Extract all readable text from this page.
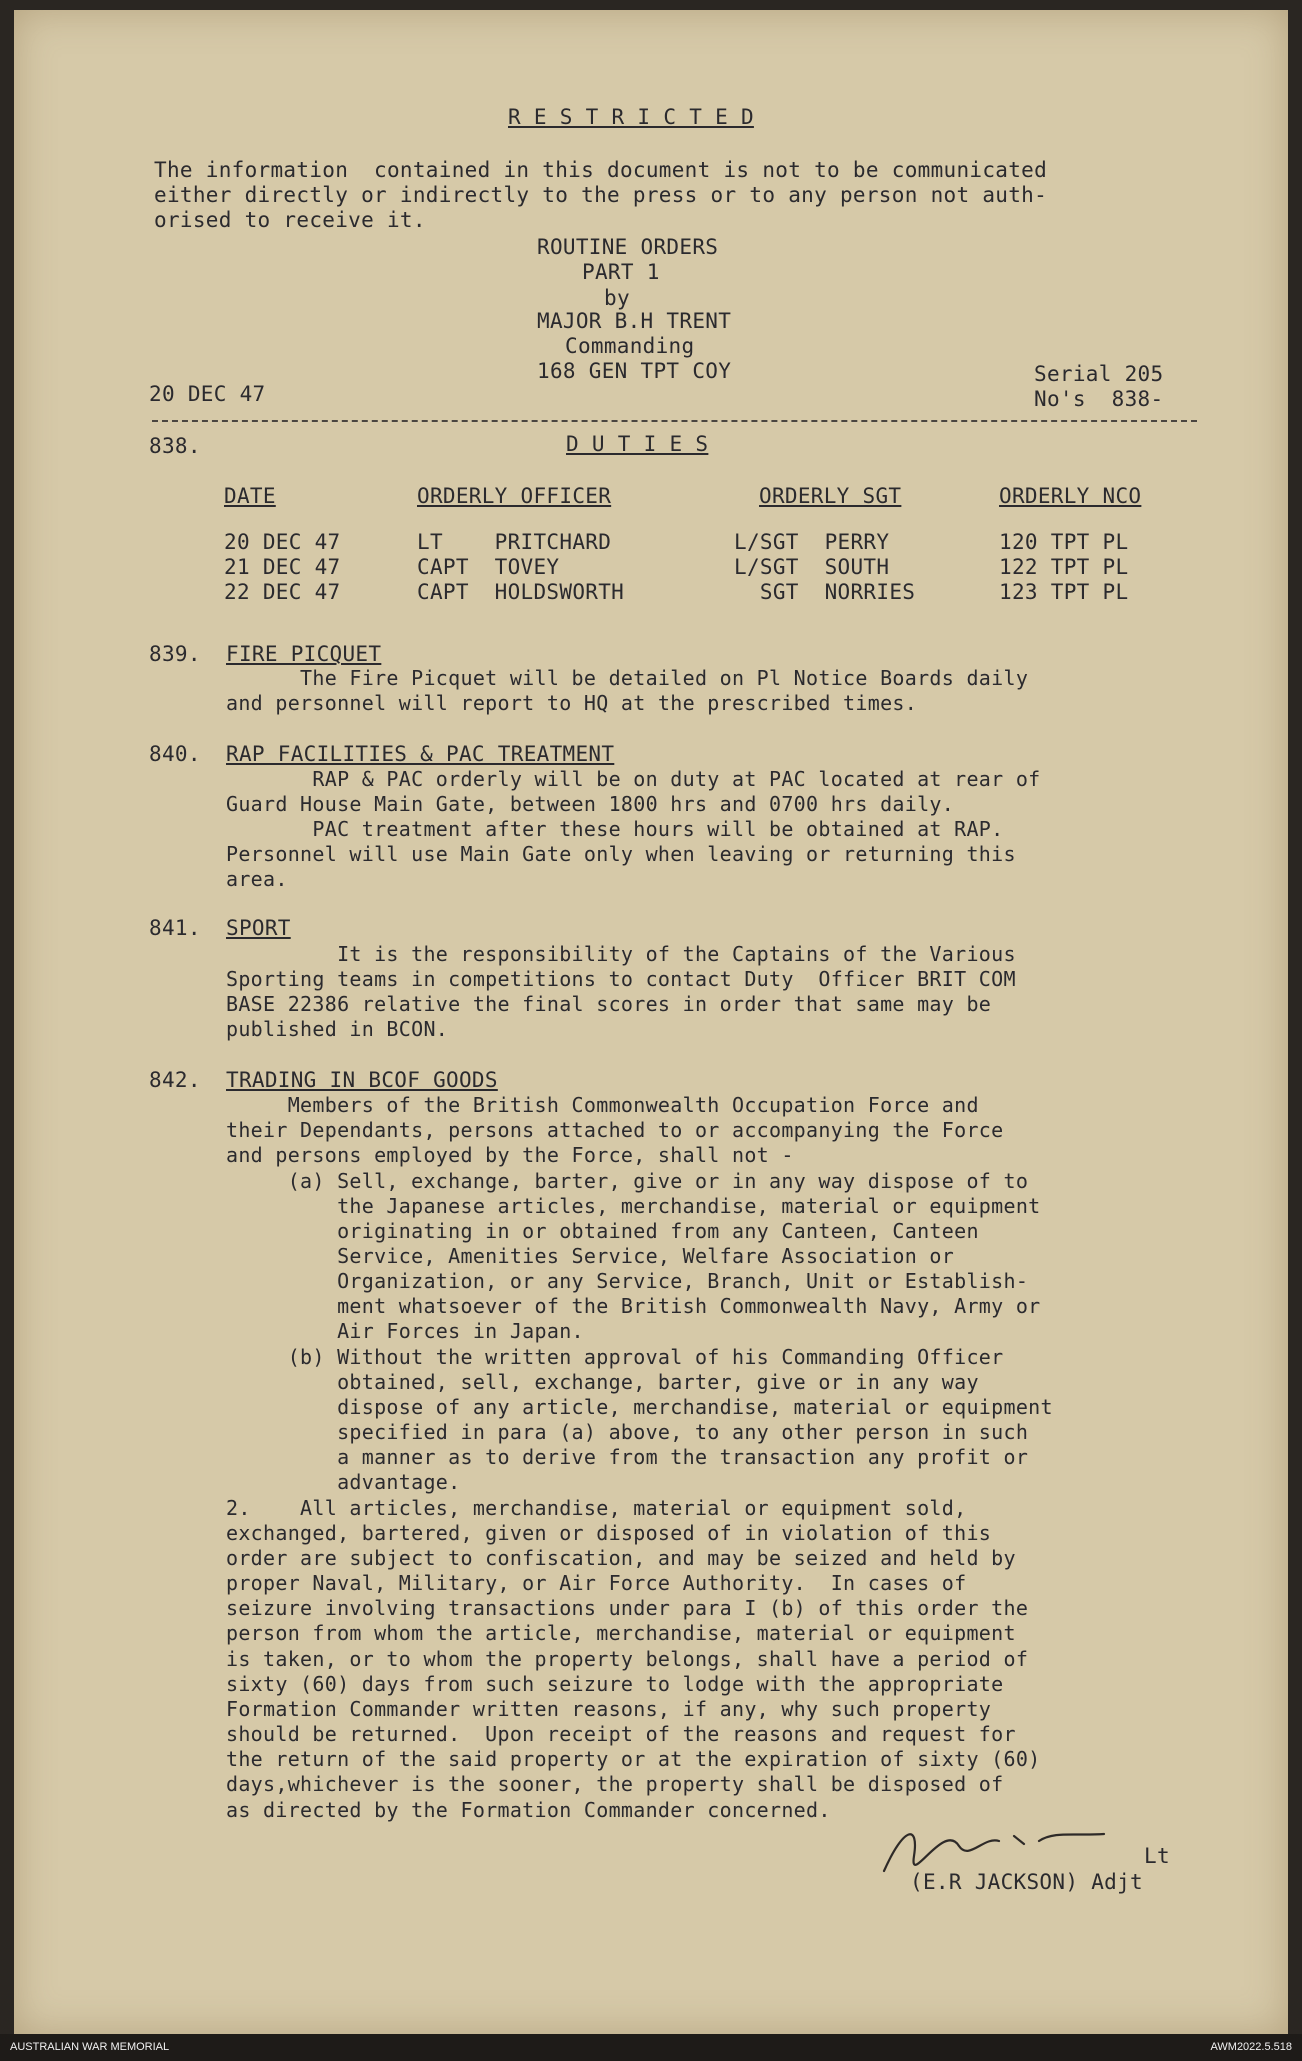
R E S T R I C T E D
The information  contained in this document is not to be communicated
either directly or indirectly to the press or to any person not auth-
orised to receive it.
ROUTINE ORDERS
PART 1
by
MAJOR B.H TRENT
Commanding
168 GEN TPT COY
20 DEC 47
Serial 205
No's  838-
838.	D U T I E S
DATE	ORDERLY OFFICER	ORDERLY SGT	ORDERLY NCO
20 DEC 47	LT    PRITCHARD	L/SGT  PERRY	120 TPT PL
21 DEC 47	CAPT  TOVEY	L/SGT  SOUTH	122 TPT PL
22 DEC 47	CAPT  HOLDSWORTH	SGT  NORRIES	123 TPT PL
839. FIRE PICQUET
The Fire Picquet will be detailed on Pl Notice Boards daily
and personnel will report to HQ at the prescribed times.
840. RAP FACILITIES & PAC TREATMENT
RAP & PAC orderly will be on duty at PAC located at rear of
Guard House Main Gate, between 1800 hrs and 0700 hrs daily.
PAC treatment after these hours will be obtained at RAP.
Personnel will use Main Gate only when leaving or returning this
area.
841. SPORT
It is the responsibility of the Captains of the Various
Sporting teams in competitions to contact Duty  Officer BRIT COM
BASE 22386 relative the final scores in order that same may be
published in BCON.
842. TRADING IN BCOF GOODS
Members of the British Commonwealth Occupation Force and
their Dependants, persons attached to or accompanying the Force
and persons employed by the Force, shall not -
(a) Sell, exchange, barter, give or in any way dispose of to
the Japanese articles, merchandise, material or equipment
originating in or obtained from any Canteen, Canteen
Service, Amenities Service, Welfare Association or
Organization, or any Service, Branch, Unit or Establish-
ment whatsoever of the British Commonwealth Navy, Army or
Air Forces in Japan.
(b) Without the written approval of his Commanding Officer
obtained, sell, exchange, barter, give or in any way
dispose of any article, merchandise, material or equipment
specified in para (a) above, to any other person in such
a manner as to derive from the transaction any profit or
advantage.
2.    All articles, merchandise, material or equipment sold,
exchanged, bartered, given or disposed of in violation of this
order are subject to confiscation, and may be seized and held by
proper Naval, Military, or Air Force Authority.  In cases of
seizure involving transactions under para I (b) of this order the
person from whom the article, merchandise, material or equipment
is taken, or to whom the property belongs, shall have a period of
sixty (60) days from such seizure to lodge with the appropriate
Formation Commander written reasons, if any, why such property
should be returned.  Upon receipt of the reasons and request for
the return of the said property or at the expiration of sixty (60)
days,whichever is the sooner, the property shall be disposed of
as directed by the Formation Commander concerned.
Lt
(E.R JACKSON) Adjt
AUSTRALIAN WAR MEMORIAL	AWM2022.5.518
